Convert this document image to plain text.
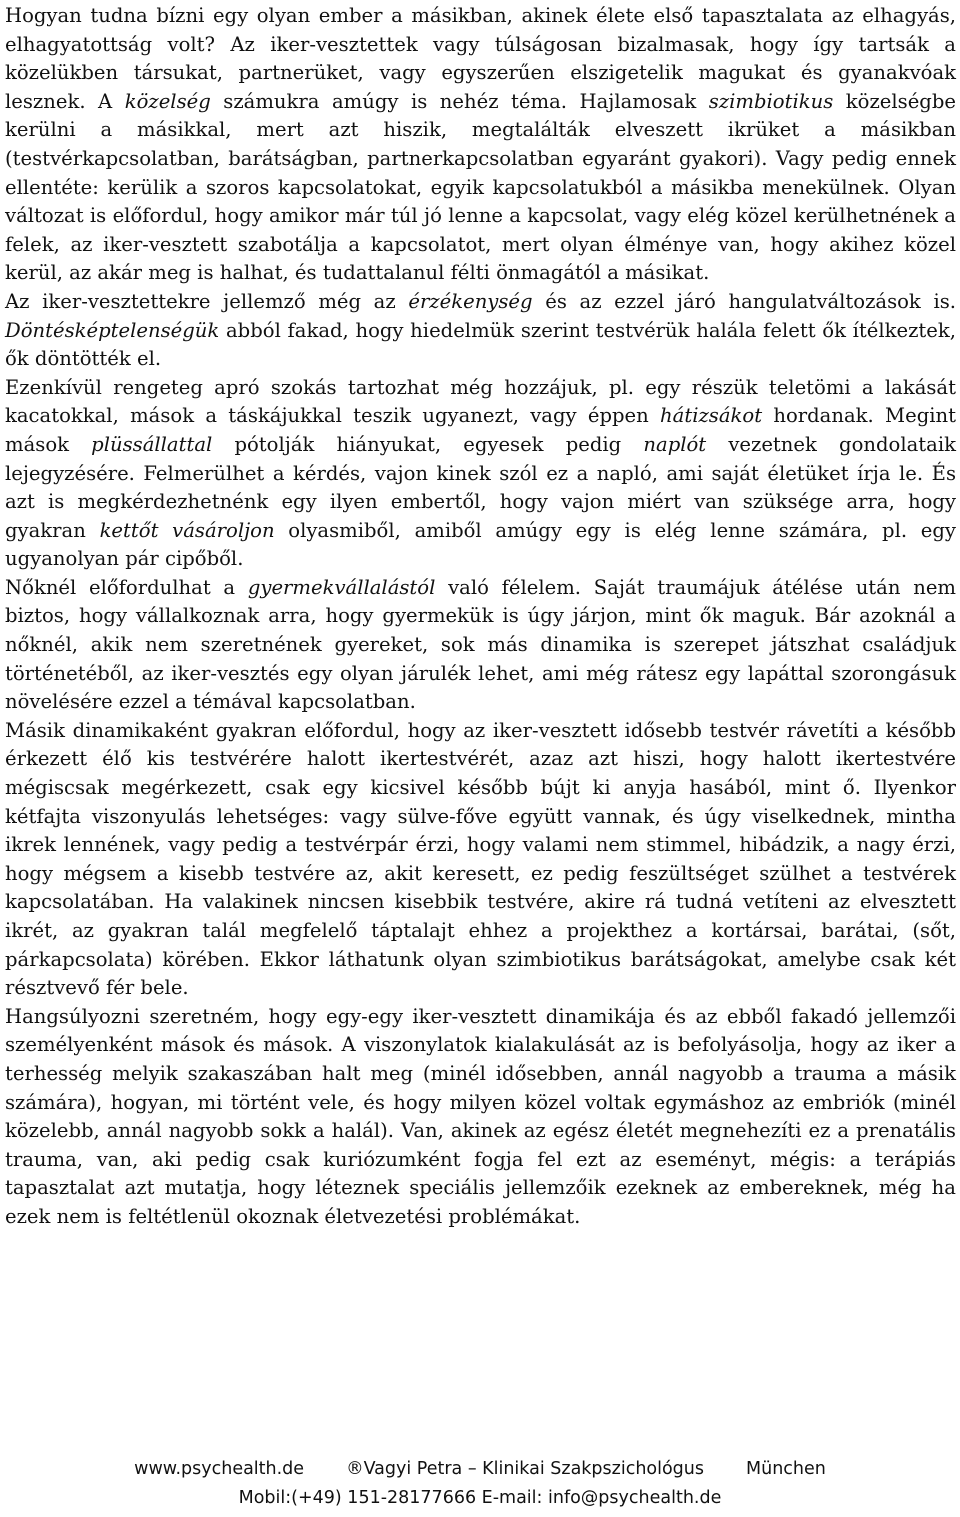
Hogyan tudna bízni egy olyan ember a másikban, akinek élete első tapasztalata az elhagyás, elhagyatottság volt? Az iker-vesztettek vagy túlságosan bizalmasak, hogy így tartsák a közelükben társukat, partnerüket, vagy egyszerűen elszigetelik magukat és gyanakvóak lesznek. A közelség számukra amúgy is nehéz téma. Hajlamosak szimbiotikus közelségbe kerülni a másikkal, mert azt hiszik, megtalálták elveszett ikrüket a másikban (testvérkapcsolatban, barátságban, partnerkapcsolatban egyaránt gyakori). Vagy pedig ennek ellentéte: kerülik a szoros kapcsolatokat, egyik kapcsolatukból a másikba menekülnek. Olyan változat is előfordul, hogy amikor már túl jó lenne a kapcsolat, vagy elég közel kerülhetnének a felek, az iker-vesztett szabotálja a kapcsolatot, mert olyan élménye van, hogy akihez közel kerül, az akár meg is halhat, és tudattalanul félti önmagától a másikat.

Az iker-vesztettekre jellemző még az érzékenység és az ezzel járó hangulatváltozások is. Döntésképtelenségük abból fakad, hogy hiedelmük szerint testvérük halála felett ők ítélkeztek, ők döntötték el.

Ezenkívül rengeteg apró szokás tartozhat még hozzájuk, pl. egy részük teletömi a lakását kacatokkal, mások a táskájukkal teszik ugyanezt, vagy éppen hátizsákot hordanak. Megint mások plüssállattal pótolják hiányukat, egyesek pedig naplót vezetnek gondolataik lejegyzésére. Felmerülhet a kérdés, vajon kinek szól ez a napló, ami saját életüket írja le. És azt is megkérdezhetnénk egy ilyen embertől, hogy vajon miért van szüksége arra, hogy gyakran kettőt vásároljon olyasmiből, amiből amúgy egy is elég lenne számára, pl. egy ugyanolyan pár cipőből.

Nőknél előfordulhat a gyermekvállalástól való félelem. Saját traumájuk átélése után nem biztos, hogy vállalkoznak arra, hogy gyermekük is úgy járjon, mint ők maguk. Bár azoknál a nőknél, akik nem szeretnének gyereket, sok más dinamika is szerepet játszhat családjuk történetéből, az iker-vesztés egy olyan járulék lehet, ami még rátesz egy lapáttal szorongásuk növelésére ezzel a témával kapcsolatban.

Másik dinamikaként gyakran előfordul, hogy az iker-vesztett idősebb testvér rávetíti a később érkezett élő kis testvérére halott ikertestvérét, azaz azt hiszi, hogy halott ikertestvére mégiscsak megérkezett, csak egy kicsivel később bújt ki anyja hasából, mint ő. Ilyenkor kétfajta viszonyulás lehetséges: vagy sülve-főve együtt vannak, és úgy viselkednek, mintha ikrek lennének, vagy pedig a testvérpár érzi, hogy valami nem stimmel, hibádzik, a nagy érzi, hogy mégsem a kisebb testvére az, akit keresett, ez pedig feszültséget szülhet a testvérek kapcsolatában. Ha valakinek nincsen kisebbik testvére, akire rá tudná vetíteni az elvesztett ikrét, az gyakran talál megfelelő táptalajt ehhez a projekthez a kortársai, barátai, (sőt, párkapcsolata) körében. Ekkor láthatunk olyan szimbiotikus barátságokat, amelybe csak két résztvevő fér bele.

Hangsúlyozni szeretném, hogy egy-egy iker-vesztett dinamikája és az ebből fakadó jellemzői személyenként mások és mások. A viszonylatok kialakulását az is befolyásolja, hogy az iker a terhesség melyik szakaszában halt meg (minél idősebben, annál nagyobb a trauma a másik számára), hogyan, mi történt vele, és hogy milyen közel voltak egymáshoz az embriók (minél közelebb, annál nagyobb sokk a halál). Van, akinek az egész életét megnehezíti ez a prenatális trauma, van, aki pedig csak kuriózumként fogja fel ezt az eseményt, mégis: a terápiás tapasztalat azt mutatja, hogy léteznek speciális jellemzőik ezeknek az embereknek, még ha ezek nem is feltétlenül okoznak életvezetési problémákat.

www.psychealth.de ®Vagyi Petra – Klinikai Szakpszichológus München
Mobil:(+49) 151-28177666 E-mail: info@psychealth.de
